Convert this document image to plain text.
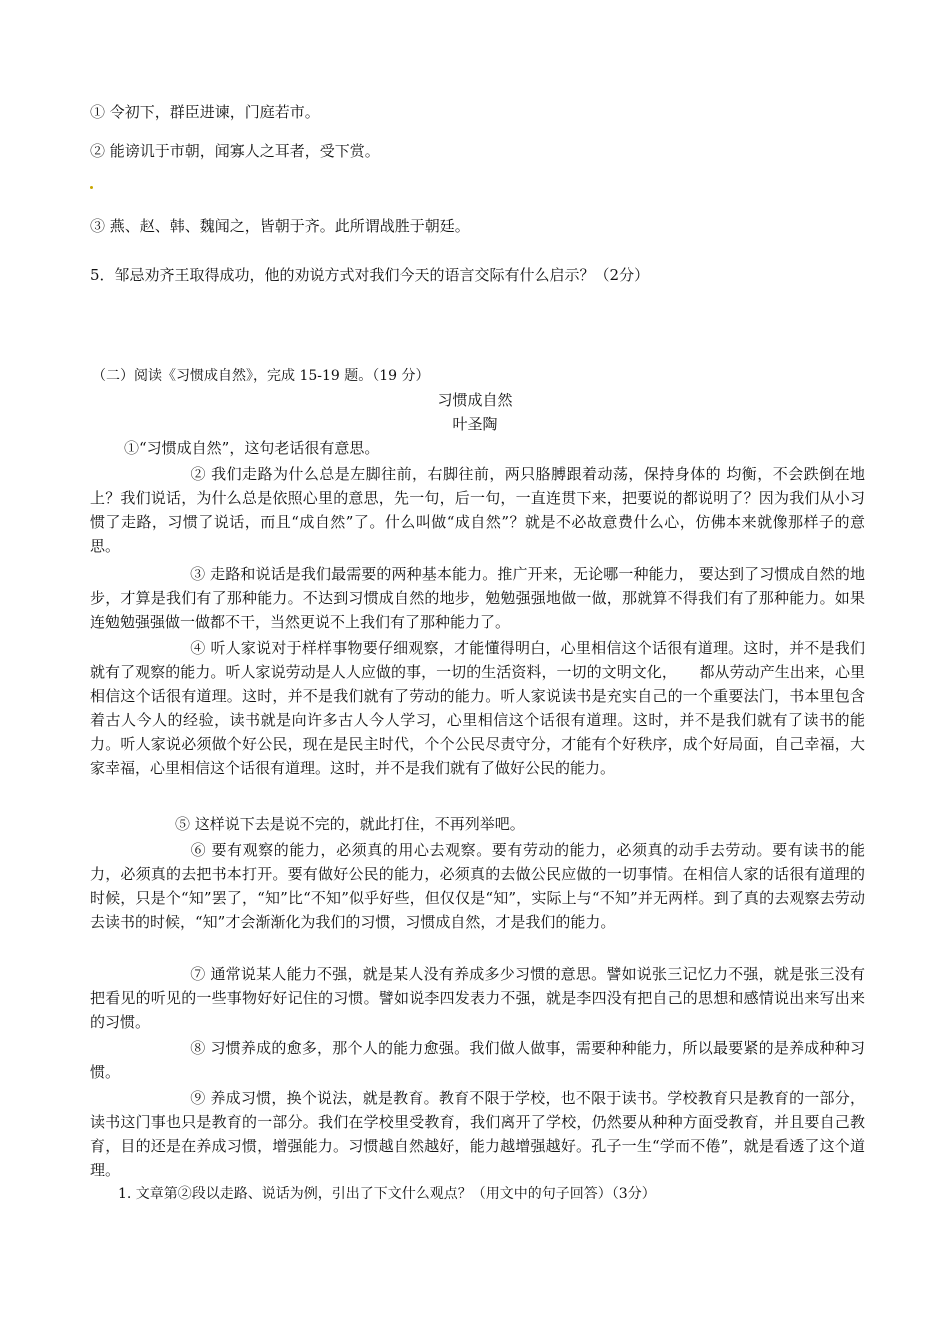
① 令初下，群臣进谏，门庭若市。
② 能谤讥于市朝，闻寡人之耳者，受下赏。
③ 燕、赵、韩、魏闻之，皆朝于齐。此所谓战胜于朝廷。
5．邹忌劝齐王取得成功，他的劝说方式对我们今天的语言交际有什么启示？（2分）
（二）阅读《习惯成自然》，完成 15-19 题。（19 分）
习惯成自然
叶圣陶
①“习惯成自然”，这句老话很有意思。
② 我们走路为什么总是左脚往前，右脚往前，两只胳膊跟着动荡，保持身体的 均衡，不会跌倒在地上？我们说话，为什么总是依照心里的意思，先一句，后一句，一直连贯下来，把要说的都说明了？因为我们从小习惯了走路，习惯了说话，而且“成自然”了。什么叫做“成自然”？就是不必故意费什么心，仿佛本来就像那样子的意思。
③ 走路和说话是我们最需要的两种基本能力。推广开来，无论哪一种能力， 要达到了习惯成自然的地步，才算是我们有了那种能力。不达到习惯成自然的地步，勉勉强强地做一做，那就算不得我们有了那种能力。如果连勉勉强强做一做都不干，当然更说不上我们有了那种能力了。
④ 听人家说对于样样事物要仔细观察，才能懂得明白，心里相信这个话很有道理。这时，并不是我们就有了观察的能力。听人家说劳动是人人应做的事，一切的生活资料，一切的文明文化，　　都从劳动产生出来，心里相信这个话很有道理。这时，并不是我们就有了劳动的能力。听人家说读书是充实自己的一个重要法门，书本里包含着古人今人的经验，读书就是向许多古人今人学习，心里相信这个话很有道理。这时，并不是我们就有了读书的能力。听人家说必须做个好公民，现在是民主时代，个个公民尽责守分，才能有个好秩序，成个好局面，自己幸福，大家幸福，心里相信这个话很有道理。这时，并不是我们就有了做好公民的能力。
⑤ 这样说下去是说不完的，就此打住，不再列举吧。
⑥ 要有观察的能力，必须真的用心去观察。要有劳动的能力，必须真的动手去劳动。要有读书的能力，必须真的去把书本打开。要有做好公民的能力，必须真的去做公民应做的一切事情。在相信人家的话很有道理的时候，只是个“知”罢了，“知”比“不知”似乎好些，但仅仅是“知”，实际上与“不知”并无两样。到了真的去观察去劳动去读书的时候，“知”才会渐渐化为我们的习惯，习惯成自然，才是我们的能力。
⑦ 通常说某人能力不强，就是某人没有养成多少习惯的意思。譬如说张三记忆力不强，就是张三没有把看见的听见的一些事物好好记住的习惯。譬如说李四发表力不强，就是李四没有把自己的思想和感情说出来写出来的习惯。
⑧ 习惯养成的愈多，那个人的能力愈强。我们做人做事，需要种种能力，所以最要紧的是养成种种习惯。
⑨ 养成习惯，换个说法，就是教育。教育不限于学校，也不限于读书。学校教育只是教育的一部分，读书这门事也只是教育的一部分。我们在学校里受教育，我们离开了学校，仍然要从种种方面受教育，并且要自己教育，目的还是在养成习惯，增强能力。习惯越自然越好，能力越增强越好。孔子一生“学而不倦”，就是看透了这个道理。
1. 文章第②段以走路、说话为例，引出了下文什么观点？（用文中的句子回答）（3分）
